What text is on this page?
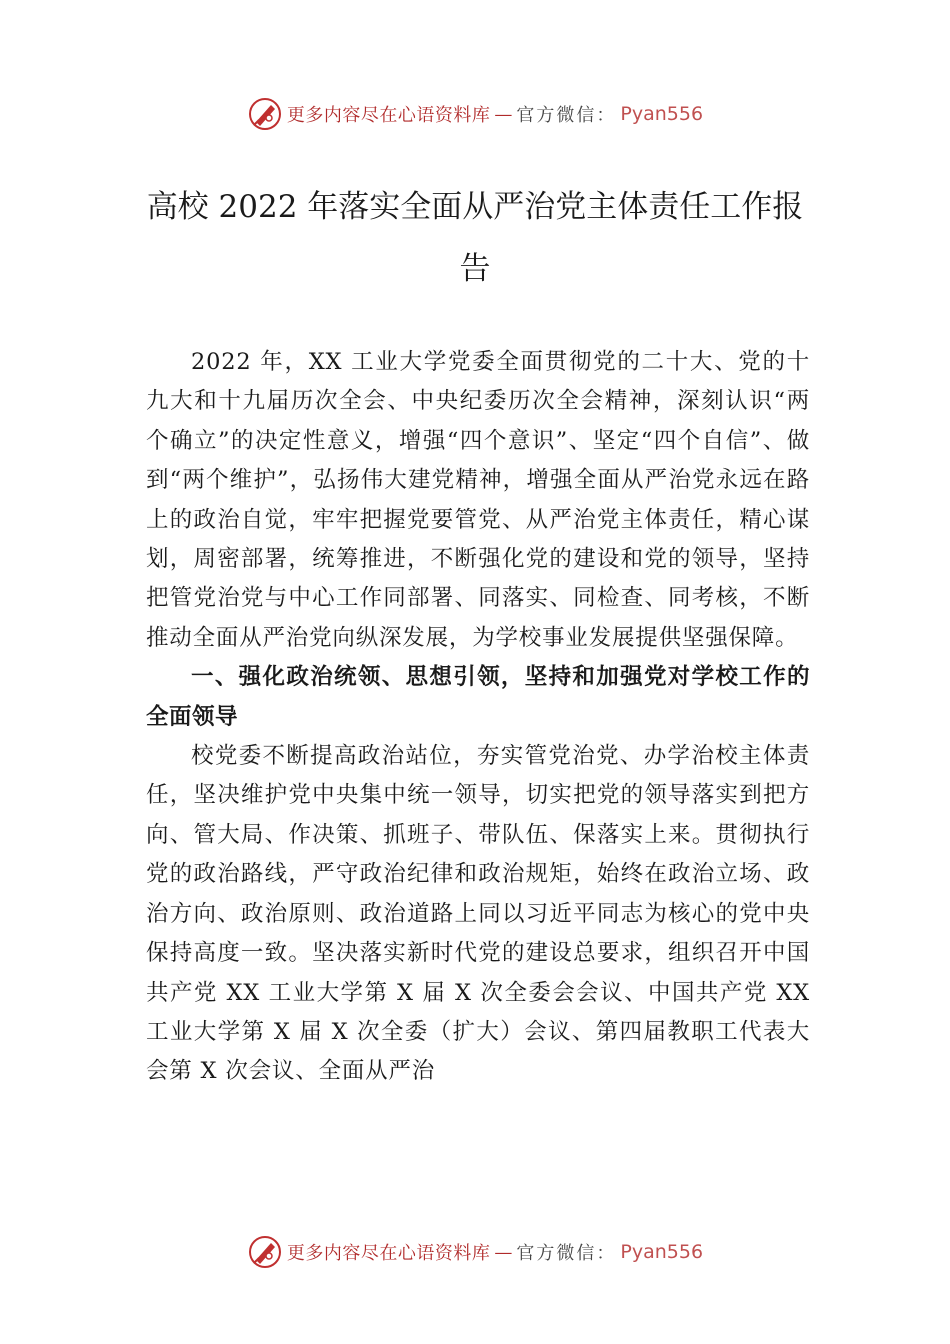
更多内容尽在心语资料库 — 官方微信： Pyan556
高校 2022 年落实全面从严治党主体责任工作报告

2022 年，XX 工业大学党委全面贯彻党的二十大、党的十九大和十九届历次全会、中央纪委历次全会精神，深刻认识“两个确立”的决定性意义，增强“四个意识”、坚定“四个自信”、做到“两个维护”，弘扬伟大建党精神，增强全面从严治党永远在路上的政治自觉，牢牢把握党要管党、从严治党主体责任，精心谋划，周密部署，统筹推进，不断强化党的建设和党的领导，坚持把管党治党与中心工作同部署、同落实、同检查、同考核，不断推动全面从严治党向纵深发展，为学校事业发展提供坚强保障。

一、强化政治统领、思想引领，坚持和加强党对学校工作的全面领导

校党委不断提高政治站位，夯实管党治党、办学治校主体责任，坚决维护党中央集中统一领导，切实把党的领导落实到把方向、管大局、作决策、抓班子、带队伍、保落实上来。贯彻执行党的政治路线，严守政治纪律和政治规矩，始终在政治立场、政治方向、政治原则、政治道路上同以习近平同志为核心的党中央保持高度一致。坚决落实新时代党的建设总要求，组织召开中国共产党 XX 工业大学第 X 届 X 次全委会会议、中国共产党 XX 工业大学第 X 届 X 次全委（扩大）会议、第四届教职工代表大会第 X 次会议、全面从严治

更多内容尽在心语资料库 — 官方微信： Pyan556
